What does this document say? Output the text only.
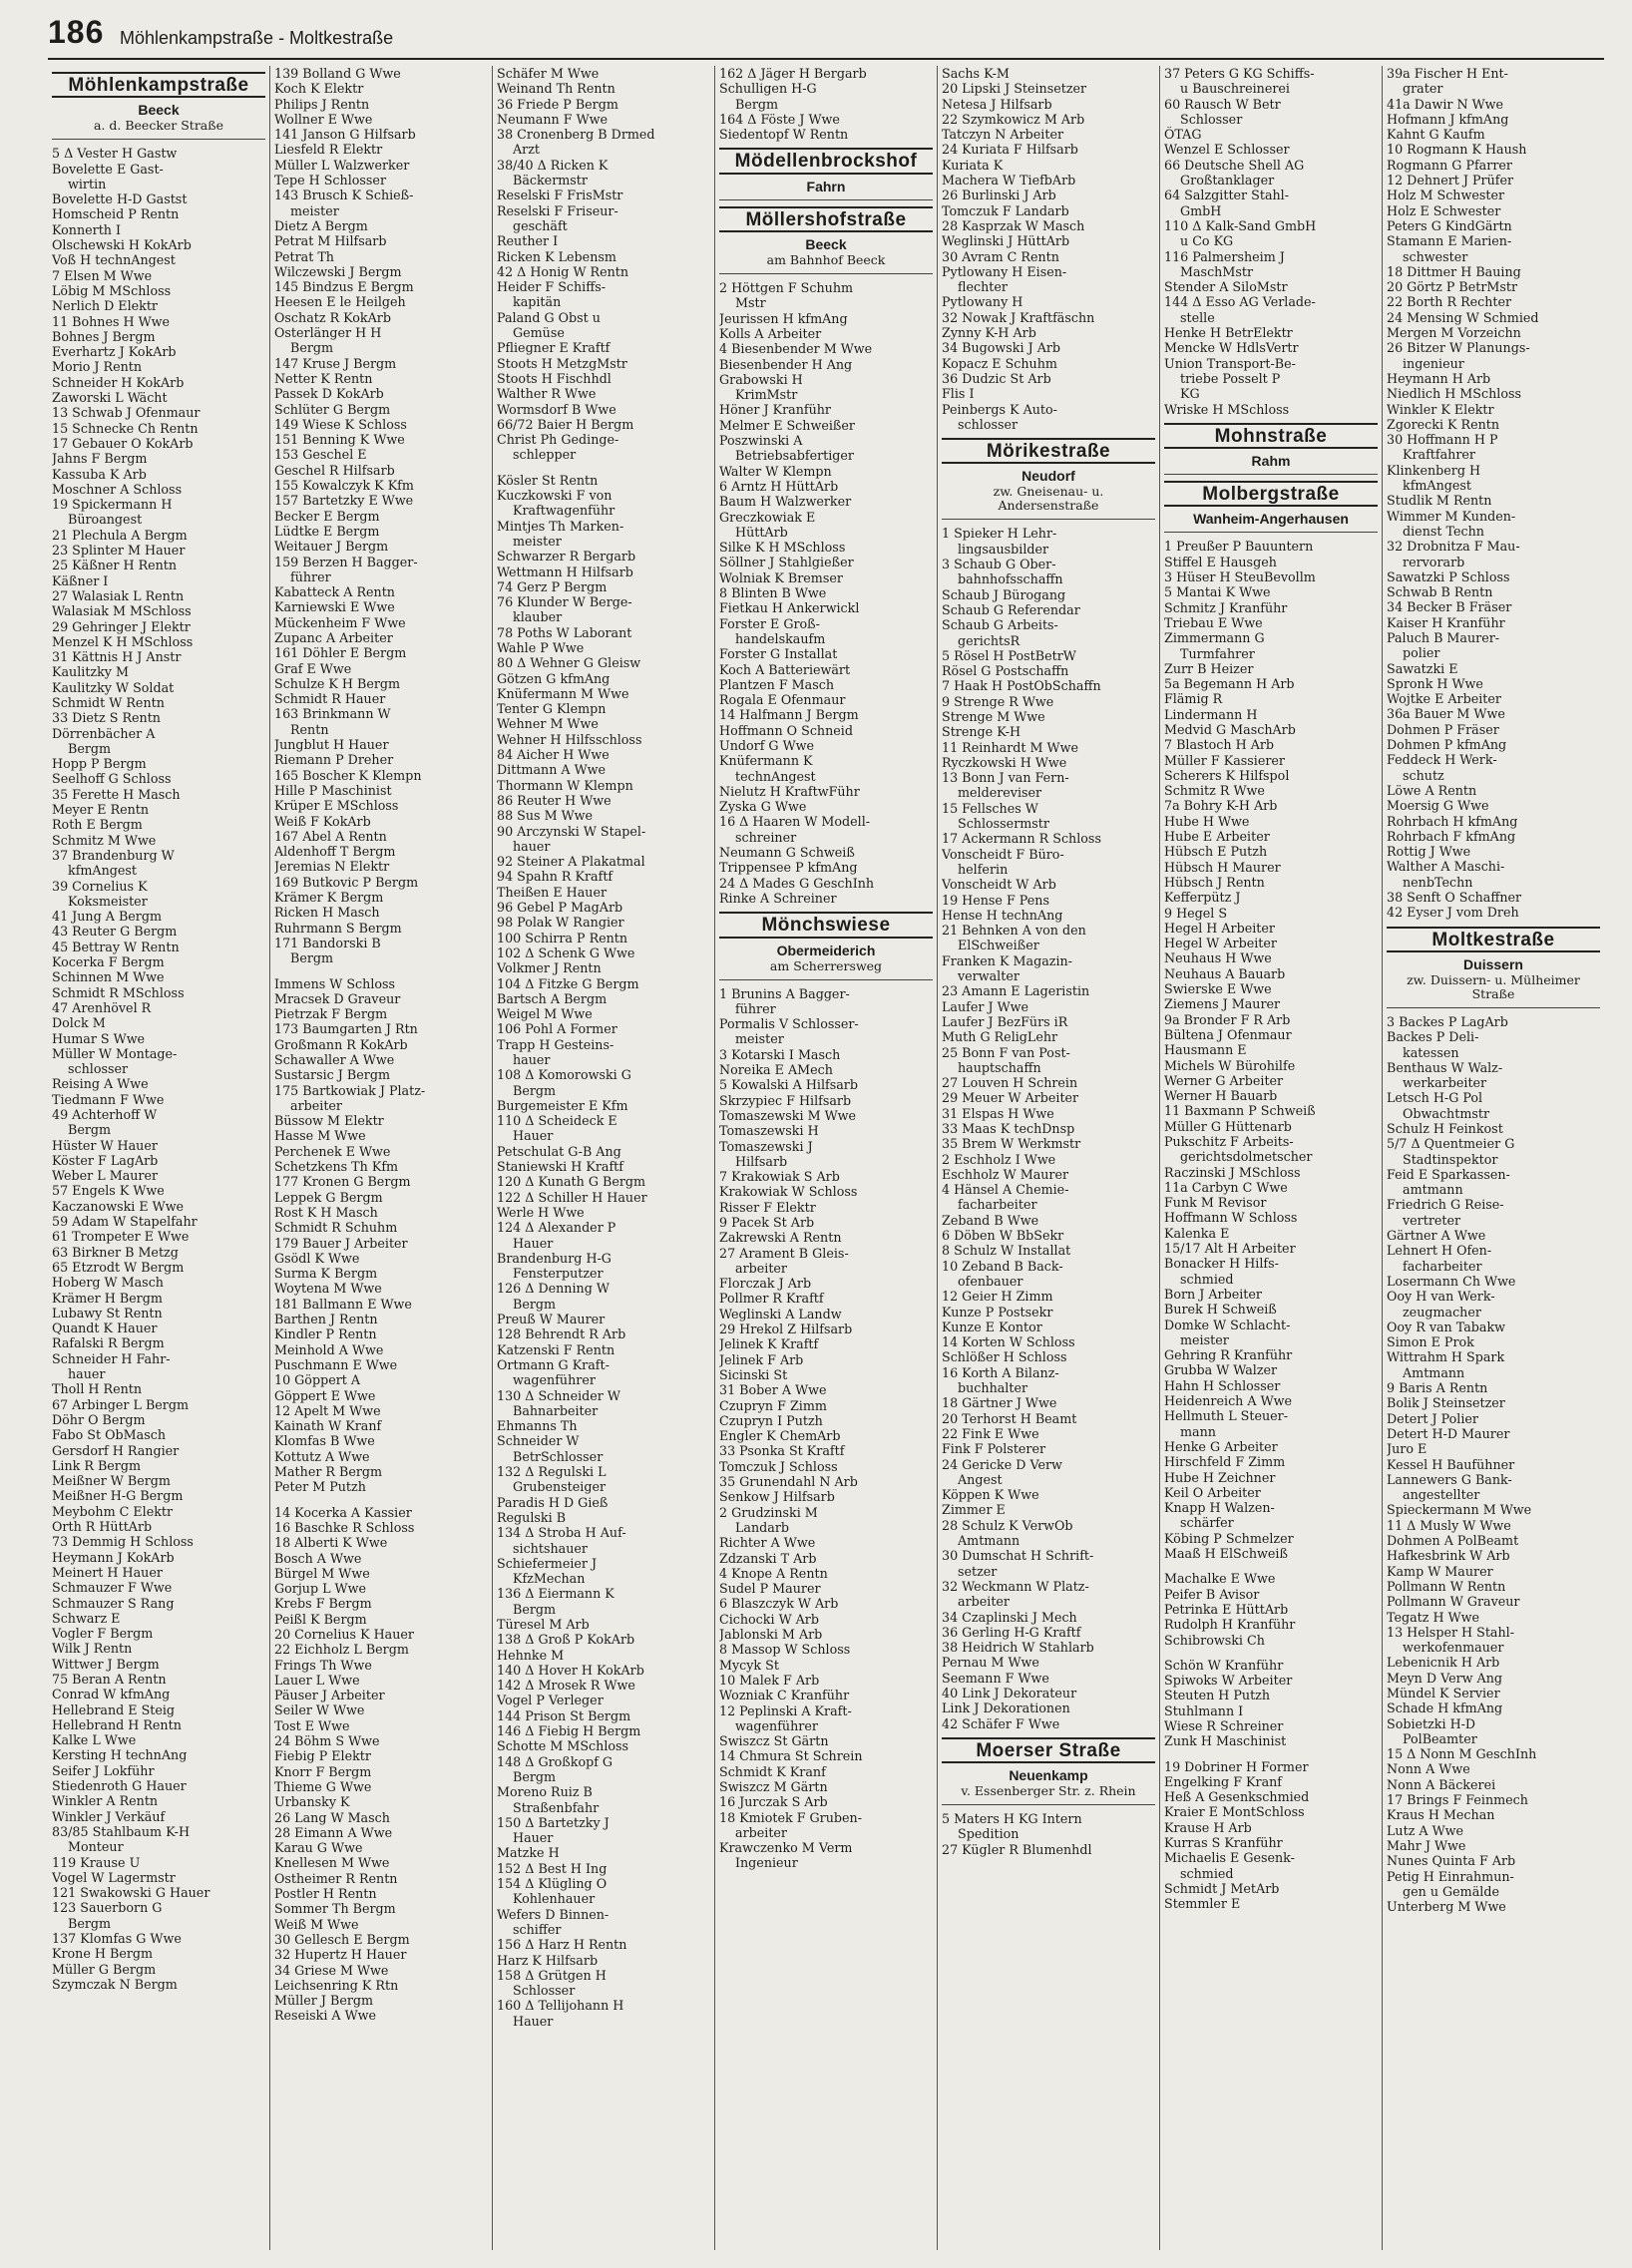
186 Möhlenkampstraße - Moltkestraße
Möhlenkampstraße
Beeck
a. d. Beecker Straße
5 Δ Vester H Gastw
Bovelette E Gast-
wirtin
Bovelette H-D Gastst
Homscheid P Rentn
Konnerth I
Olschewski H KokArb
Voß H technAngest
7 Elsen M Wwe
Löbig M MSchloss
Nerlich D Elektr
11 Bohnes H Wwe
Bohnes J Bergm
Everhartz J KokArb
Morio J Rentn
Schneider H KokArb
Zaworski L Wächt
13 Schwab J Ofenmaur
15 Schnecke Ch Rentn
17 Gebauer O KokArb
Jahns F Bergm
Kassuba K Arb
Moschner A Schloss
19 Spickermann H
Büroangest
21 Plechula A Bergm
23 Splinter M Hauer
25 Käßner H Rentn
Käßner I
27 Walasiak L Rentn
Walasiak M MSchloss
29 Gehringer J Elektr
Menzel K H MSchloss
31 Kättnis H J Anstr
Kaulitzky M
Kaulitzky W Soldat
Schmidt W Rentn
33 Dietz S Rentn
Dörrenbächer A
Bergm
Hopp P Bergm
Seelhoff G Schloss
35 Ferette H Masch
Meyer E Rentn
Roth E Bergm
Schmitz M Wwe
37 Brandenburg W
kfmAngest
39 Cornelius K
Koksmeister
41 Jung A Bergm
43 Reuter G Bergm
45 Bettray W Rentn
Kocerka F Bergm
Schinnen M Wwe
Schmidt R MSchloss
47 Arenhövel R
Dolck M
Humar S Wwe
Müller W Montage-
schlosser
Reising A Wwe
Tiedmann F Wwe
49 Achterhoff W
Bergm
Hüster W Hauer
Köster F LagArb
Weber L Maurer
57 Engels K Wwe
Kaczanowski E Wwe
59 Adam W Stapelfahr
61 Trompeter E Wwe
63 Birkner B Metzg
65 Etzrodt W Bergm
Hoberg W Masch
Krämer H Bergm
Lubawy St Rentn
Quandt K Hauer
Rafalski R Bergm
Schneider H Fahr-
hauer
Tholl H Rentn
67 Arbinger L Bergm
Döhr O Bergm
Fabo St ObMasch
Gersdorf H Rangier
Link R Bergm
Meißner W Bergm
Meißner H-G Bergm
Meybohm C Elektr
Orth R HüttArb
73 Demmig H Schloss
Heymann J KokArb
Meinert H Hauer
Schmauzer F Wwe
Schmauzer S Rang
Schwarz E
Vogler F Bergm
Wilk J Rentn
Wittwer J Bergm
75 Beran A Rentn
Conrad W kfmAng
Hellebrand E Steig
Hellebrand H Rentn
Kalke L Wwe
Kersting H technAng
Seifer J Lokführ
Stiedenroth G Hauer
Winkler A Rentn
Winkler J Verkäuf
83/85 Stahlbaum K-H
Monteur
119 Krause U
Vogel W Lagermstr
121 Swakowski G Hauer
123 Sauerborn G
Bergm
137 Klomfas G Wwe
Krone H Bergm
Müller G Bergm
Szymczak N Bergm
139 Bolland G Wwe
Koch K Elektr
Philips J Rentn
Wollner E Wwe
141 Janson G Hilfsarb
Liesfeld R Elektr
Müller L Walzwerker
Tepe H Schlosser
143 Brusch K Schieß-
meister
Dietz A Bergm
Petrat M Hilfsarb
Petrat Th
Wilczewski J Bergm
145 Bindzus E Bergm
Heesen E le Heilgeh
Oschatz R KokArb
Osterlänger H H
Bergm
147 Kruse J Bergm
Netter K Rentn
Passek D KokArb
Schlüter G Bergm
149 Wiese K Schloss
151 Benning K Wwe
153 Geschel E
Geschel R Hilfsarb
155 Kowalczyk K Kfm
157 Bartetzky E Wwe
Becker E Bergm
Lüdtke E Bergm
Weitauer J Bergm
159 Berzen H Bagger-
führer
Kabatteck A Rentn
Karniewski E Wwe
Mückenheim F Wwe
Zupanc A Arbeiter
161 Döhler E Bergm
Graf E Wwe
Schulze K H Bergm
Schmidt R Hauer
163 Brinkmann W
Rentn
Jungblut H Hauer
Riemann P Dreher
165 Boscher K Klempn
Hille P Maschinist
Krüper E MSchloss
Weiß F KokArb
167 Abel A Rentn
Aldenhoff T Bergm
Jeremias N Elektr
169 Butkovic P Bergm
Krämer K Bergm
Ricken H Masch
Ruhrmann S Bergm
171 Bandorski B
Bergm
Immens W Schloss
Mracsek D Graveur
Pietrzak F Bergm
173 Baumgarten J Rtn
Großmann R KokArb
Schawaller A Wwe
Sustarsic J Bergm
175 Bartkowiak J Platz-
arbeiter
Büssow M Elektr
Hasse M Wwe
Perchenek E Wwe
Schetzkens Th Kfm
177 Kronen G Bergm
Leppek G Bergm
Rost K H Masch
Schmidt R Schuhm
179 Bauer J Arbeiter
Gsödl K Wwe
Surma K Bergm
Woytena M Wwe
181 Ballmann E Wwe
Barthen J Rentn
Kindler P Rentn
Meinhold A Wwe
Puschmann E Wwe
10 Göppert A
Göppert E Wwe
12 Apelt M Wwe
Kainath W Kranf
Klomfas B Wwe
Kottutz A Wwe
Mather R Bergm
Peter M Putzh
14 Kocerka A Kassier
16 Baschke R Schloss
18 Alberti K Wwe
Bosch A Wwe
Bürgel M Wwe
Gorjup L Wwe
Krebs F Bergm
Peißl K Bergm
20 Cornelius K Hauer
22 Eichholz L Bergm
Frings Th Wwe
Lauer L Wwe
Päuser J Arbeiter
Seiler W Wwe
Tost E Wwe
24 Böhm S Wwe
Fiebig P Elektr
Knorr F Bergm
Thieme G Wwe
Urbansky K
26 Lang W Masch
28 Eimann A Wwe
Karau G Wwe
Knellesen M Wwe
Ostheimer R Rentn
Postler H Rentn
Sommer Th Bergm
Weiß M Wwe
30 Gellesch E Bergm
32 Hupertz H Hauer
34 Griese M Wwe
Leichsenring K Rtn
Müller J Bergm
Reseiski A Wwe
Schäfer M Wwe
Weinand Th Rentn
36 Friede P Bergm
Neumann F Wwe
38 Cronenberg B Drmed
Arzt
38/40 Δ Ricken K
Bäckermstr
Reselski F FrisMstr
Reselski F Friseur-
geschäft
Reuther I
Ricken K Lebensm
42 Δ Honig W Rentn
Heider F Schiffs-
kapitän
Paland G Obst u
Gemüse
Pfliegner E Kraftf
Stoots H MetzgMstr
Stoots H Fischhdl
Walther R Wwe
Wormsdorf B Wwe
66/72 Baier H Bergm
Christ Ph Gedinge-
schlepper
Kösler St Rentn
Kuczkowski F von
Kraftwagenführ
Mintjes Th Marken-
meister
Schwarzer R Bergarb
Wettmann H Hilfsarb
74 Gerz P Bergm
76 Klunder W Berge-
klauber
78 Poths W Laborant
Wahle P Wwe
80 Δ Wehner G Gleisw
Götzen G kfmAng
Knüfermann M Wwe
Tenter G Klempn
Wehner M Wwe
Wehner H Hilfsschloss
84 Aicher H Wwe
Dittmann A Wwe
Thormann W Klempn
86 Reuter H Wwe
88 Sus M Wwe
90 Arczynski W Stapel-
hauer
92 Steiner A Plakatmal
94 Spahn R Kraftf
Theißen E Hauer
96 Gebel P MagArb
98 Polak W Rangier
100 Schirra P Rentn
102 Δ Schenk G Wwe
Volkmer J Rentn
104 Δ Fitzke G Bergm
Bartsch A Bergm
Weigel M Wwe
106 Pohl A Former
Trapp H Gesteins-
hauer
108 Δ Komorowski G
Bergm
Burgemeister E Kfm
110 Δ Scheideck E
Hauer
Petschulat G-B Ang
Staniewski H Kraftf
120 Δ Kunath G Bergm
122 Δ Schiller H Hauer
Werle H Wwe
124 Δ Alexander P
Hauer
Brandenburg H-G
Fensterputzer
126 Δ Denning W
Bergm
Preuß W Maurer
128 Behrendt R Arb
Katzenski F Rentn
Ortmann G Kraft-
wagenführer
130 Δ Schneider W
Bahnarbeiter
Ehmanns Th
Schneider W
BetrSchlosser
132 Δ Regulski L
Grubensteiger
Paradis H D Gieß
Regulski B
134 Δ Stroba H Auf-
sichtshauer
Schiefermeier J
KfzMechan
136 Δ Eiermann K
Bergm
Türesel M Arb
138 Δ Groß P KokArb
Hehnke M
140 Δ Hover H KokArb
142 Δ Mrosek R Wwe
Vogel P Verleger
144 Prison St Bergm
146 Δ Fiebig H Bergm
Schotte M MSchloss
148 Δ Großkopf G
Bergm
Moreno Ruiz B
Straßenbfahr
150 Δ Bartetzky J
Hauer
Matzke H
152 Δ Best H Ing
154 Δ Klügling O
Kohlenhauer
Wefers D Binnen-
schiffer
156 Δ Harz H Rentn
Harz K Hilfsarb
158 Δ Grütgen H
Schlosser
160 Δ Tellijohann H
Hauer
162 Δ Jäger H Bergarb
Schulligen H-G
Bergm
164 Δ Föste J Wwe
Siedentopf W Rentn
Mödellenbrockshof
Fahrn
Möllershofstraße
Beeck
am Bahnhof Beeck
2 Höttgen F Schuhm
Mstr
Jeurissen H kfmAng
Kolls A Arbeiter
4 Biesenbender M Wwe
Biesenbender H Ang
Grabowski H
KrimMstr
Höner J Kranführ
Melmer E Schweißer
Poszwinski A
Betriebsabfertiger
Walter W Klempn
6 Arntz H HüttArb
Baum H Walzwerker
Greczkowiak E
HüttArb
Silke K H MSchloss
Söllner J Stahlgießer
Wolniak K Bremser
8 Blinten B Wwe
Fietkau H Ankerwickl
Forster E Groß-
handelskaufm
Forster G Installat
Koch A Batteriewärt
Plantzen F Masch
Rogala E Ofenmaur
14 Halfmann J Bergm
Hoffmann O Schneid
Undorf G Wwe
Knüfermann K
technAngest
Nielutz H KraftwFühr
Zyska G Wwe
16 Δ Haaren W Modell-
schreiner
Neumann G Schweiß
Trippensee P kfmAng
24 Δ Mades G GeschInh
Rinke A Schreiner
Mönchswiese
Obermeiderich
am Scherrersweg
1 Brunins A Bagger-
führer
Pormalis V Schlosser-
meister
3 Kotarski I Masch
Noreika E AMech
5 Kowalski A Hilfsarb
Skrzypiec F Hilfsarb
Tomaszewski M Wwe
Tomaszewski H
Tomaszewski J
Hilfsarb
7 Krakowiak S Arb
Krakowiak W Schloss
Risser F Elektr
9 Pacek St Arb
Zakrewski A Rentn
27 Arament B Gleis-
arbeiter
Florczak J Arb
Pollmer R Kraftf
Weglinski A Landw
29 Hrekol Z Hilfsarb
Jelinek K Kraftf
Jelinek F Arb
Sicinski St
31 Bober A Wwe
Czupryn F Zimm
Czupryn I Putzh
Engler K ChemArb
33 Psonka St Kraftf
Tomczuk J Schloss
35 Grunendahl N Arb
Senkow J Hilfsarb
2 Grudzinski M
Landarb
Richter A Wwe
Zdzanski T Arb
4 Knope A Rentn
Sudel P Maurer
6 Blaszczyk W Arb
Cichocki W Arb
Jablonski M Arb
8 Massop W Schloss
Mycyk St
10 Malek F Arb
Wozniak C Kranführ
12 Peplinski A Kraft-
wagenführer
Swiszcz St Gärtn
14 Chmura St Schrein
Schmidt K Kranf
Swiszcz M Gärtn
16 Jurczak S Arb
18 Kmiotek F Gruben-
arbeiter
Krawczenko M Verm
Ingenieur
Sachs K-M
20 Lipski J Steinsetzer
Netesa J Hilfsarb
22 Szymkowicz M Arb
Tatczyn N Arbeiter
24 Kuriata F Hilfsarb
Kuriata K
Machera W TiefbArb
26 Burlinski J Arb
Tomczuk F Landarb
28 Kasprzak W Masch
Weglinski J HüttArb
30 Avram C Rentn
Pytlowany H Eisen-
flechter
Pytlowany H
32 Nowak J Kraftfäschn
Zynny K-H Arb
34 Bugowski J Arb
Kopacz E Schuhm
36 Dudzic St Arb
Flis I
Peinbergs K Auto-
schlosser
Mörikestraße
Neudorf
zw. Gneisenau- u. Andersenstraße
1 Spieker H Lehr-
lingsausbilder
3 Schaub G Ober-
bahnhofsschaffn
Schaub J Bürogang
Schaub G Referendar
Schaub G Arbeits-
gerichtsR
5 Rösel H PostBetrW
Rösel G Postschaffn
7 Haak H PostObSchaffn
9 Strenge R Wwe
Strenge M Wwe
Strenge K-H
11 Reinhardt M Wwe
Ryczkowski H Wwe
13 Bonn J van Fern-
meldereviser
15 Fellsches W
Schlossermstr
17 Ackermann R Schloss
Vonscheidt F Büro-
helferin
Vonscheidt W Arb
19 Hense F Pens
Hense H technAng
21 Behnken A von den
ElSchweißer
Franken K Magazin-
verwalter
23 Amann E Lageristin
Laufer J Wwe
Laufer J BezFürs iR
Muth G ReligLehr
25 Bonn F van Post-
hauptschaffn
27 Louven H Schrein
29 Meuer W Arbeiter
31 Elspas H Wwe
33 Maas K techDnsp
35 Brem W Werkmstr
2 Eschholz I Wwe
Eschholz W Maurer
4 Hänsel A Chemie-
facharbeiter
Zeband B Wwe
6 Döben W BbSekr
8 Schulz W Installat
10 Zeband B Back-
ofenbauer
12 Geier H Zimm
Kunze P Postsekr
Kunze E Kontor
14 Korten W Schloss
Schlößer H Schloss
16 Korth A Bilanz-
buchhalter
18 Gärtner J Wwe
20 Terhorst H Beamt
22 Fink E Wwe
Fink F Polsterer
24 Gericke D Verw
Angest
Köppen K Wwe
Zimmer E
28 Schulz K VerwOb
Amtmann
30 Dumschat H Schrift-
setzer
32 Weckmann W Platz-
arbeiter
34 Czaplinski J Mech
36 Gerling H-G Kraftf
38 Heidrich W Stahlarb
Pernau M Wwe
Seemann F Wwe
40 Link J Dekorateur
Link J Dekorationen
42 Schäfer F Wwe
Moerser Straße
Neuenkamp
v. Essenberger Str. z. Rhein
5 Maters H KG Intern
Spedition
27 Kügler R Blumenhdl
37 Peters G KG Schiffs-
u Bauschreinerei
60 Rausch W Betr
Schlosser
ÖTAG
Wenzel E Schlosser
66 Deutsche Shell AG
Großtanklager
64 Salzgitter Stahl-
GmbH
110 Δ Kalk-Sand GmbH
u Co KG
116 Palmersheim J
MaschMstr
Stender A SiloMstr
144 Δ Esso AG Verlade-
stelle
Henke H BetrElektr
Mencke W HdlsVertr
Union Transport-Be-
triebe Posselt P
KG
Wriske H MSchloss
Mohnstraße
Rahm
Molbergstraße
Wanheim-Angerhausen
1 Preußer P Bauuntern
Stiffel E Hausgeh
3 Hüser H SteuBevollm
5 Mantai K Wwe
Schmitz J Kranführ
Triebau E Wwe
Zimmermann G
Turmfahrer
Zurr B Heizer
5a Begemann H Arb
Flämig R
Lindermann H
Medvid G MaschArb
7 Blastoch H Arb
Müller F Kassierer
Scherers K Hilfspol
Schmitz R Wwe
7a Bohry K-H Arb
Hube H Wwe
Hube E Arbeiter
Hübsch E Putzh
Hübsch H Maurer
Hübsch J Rentn
Kefferpütz J
9 Hegel S
Hegel H Arbeiter
Hegel W Arbeiter
Neuhaus H Wwe
Neuhaus A Bauarb
Swierske E Wwe
Ziemens J Maurer
9a Bronder F R Arb
Bültena J Ofenmaur
Hausmann E
Michels W Bürohilfe
Werner G Arbeiter
Werner H Bauarb
11 Baxmann P Schweiß
Müller G Hüttenarb
Pukschitz F Arbeits-
gerichtsdolmetscher
Raczinski J MSchloss
11a Carbyn C Wwe
Funk M Revisor
Hoffmann W Schloss
Kalenka E
15/17 Alt H Arbeiter
Bonacker H Hilfs-
schmied
Born J Arbeiter
Burek H Schweiß
Domke W Schlacht-
meister
Gehring R Kranführ
Grubba W Walzer
Hahn H Schlosser
Heidenreich A Wwe
Hellmuth L Steuer-
mann
Henke G Arbeiter
Hirschfeld F Zimm
Hube H Zeichner
Keil O Arbeiter
Knapp H Walzen-
schärfer
Köbing P Schmelzer
Maaß H ElSchweiß
Machalke E Wwe
Peifer B Avisor
Petrinka E HüttArb
Rudolph H Kranführ
Schibrowski Ch
Schön W Kranführ
Spiwoks W Arbeiter
Steuten H Putzh
Stuhlmann I
Wiese R Schreiner
Zunk H Maschinist
19 Dobriner H Former
Engelking F Kranf
Heß A Gesenkschmied
Kraier E MontSchloss
Krause H Arb
Kurras S Kranführ
Michaelis E Gesenk-
schmied
Schmidt J MetArb
Stemmler E
39a Fischer H Ent-
grater
41a Dawir N Wwe
Hofmann J kfmAng
Kahnt G Kaufm
10 Rogmann K Haush
Rogmann G Pfarrer
12 Dehnert J Prüfer
Holz M Schwester
Holz E Schwester
Peters G KindGärtn
Stamann E Marien-
schwester
18 Dittmer H Bauing
20 Görtz P BetrMstr
22 Borth R Rechter
24 Mensing W Schmied
Mergen M Vorzeichn
26 Bitzer W Planungs-
ingenieur
Heymann H Arb
Niedlich H MSchloss
Winkler K Elektr
Zgorecki K Rentn
30 Hoffmann H P
Kraftfahrer
Klinkenberg H
kfmAngest
Studlik M Rentn
Wimmer M Kunden-
dienst Techn
32 Drobnitza F Mau-
rervorarb
Sawatzki P Schloss
Schwab B Rentn
34 Becker B Fräser
Kaiser H Kranführ
Paluch B Maurer-
polier
Sawatzki E
Spronk H Wwe
Wojtke E Arbeiter
36a Bauer M Wwe
Dohmen P Fräser
Dohmen P kfmAng
Feddeck H Werk-
schutz
Löwe A Rentn
Moersig G Wwe
Rohrbach H kfmAng
Rohrbach F kfmAng
Rottig J Wwe
Walther A Maschi-
nenbTechn
38 Senft O Schaffner
42 Eyser J vom Dreh
Moltkestraße
Duissern
zw. Duissern- u. Mülheimer Straße
3 Backes P LagArb
Backes P Deli-
katessen
Benthaus W Walz-
werkarbeiter
Letsch H-G Pol
Obwachtmstr
Schulz H Feinkost
5/7 Δ Quentmeier G
Stadtinspektor
Feid E Sparkassen-
amtmann
Friedrich G Reise-
vertreter
Gärtner A Wwe
Lehnert H Ofen-
facharbeiter
Losermann Ch Wwe
Ooy H van Werk-
zeugmacher
Ooy R van Tabakw
Simon E Prok
Wittrahm H Spark
Amtmann
9 Baris A Rentn
Bolik J Steinsetzer
Detert J Polier
Detert H-D Maurer
Juro E
Kessel H Baufühner
Lannewers G Bank-
angestellter
Spieckermann M Wwe
11 Δ Musly W Wwe
Dohmen A PolBeamt
Hafkesbrink W Arb
Kamp W Maurer
Pollmann W Rentn
Pollmann W Graveur
Tegatz H Wwe
13 Helsper H Stahl-
werkofenmauer
Lebenicnik H Arb
Meyn D Verw Ang
Mündel K Servier
Schade H kfmAng
Sobietzki H-D
PolBeamter
15 Δ Nonn M GeschInh
Nonn A Wwe
Nonn A Bäckerei
17 Brings F Feinmech
Kraus H Mechan
Lutz A Wwe
Mahr J Wwe
Nunes Quinta F Arb
Petig H Einrahmun-
gen u Gemälde
Unterberg M Wwe
